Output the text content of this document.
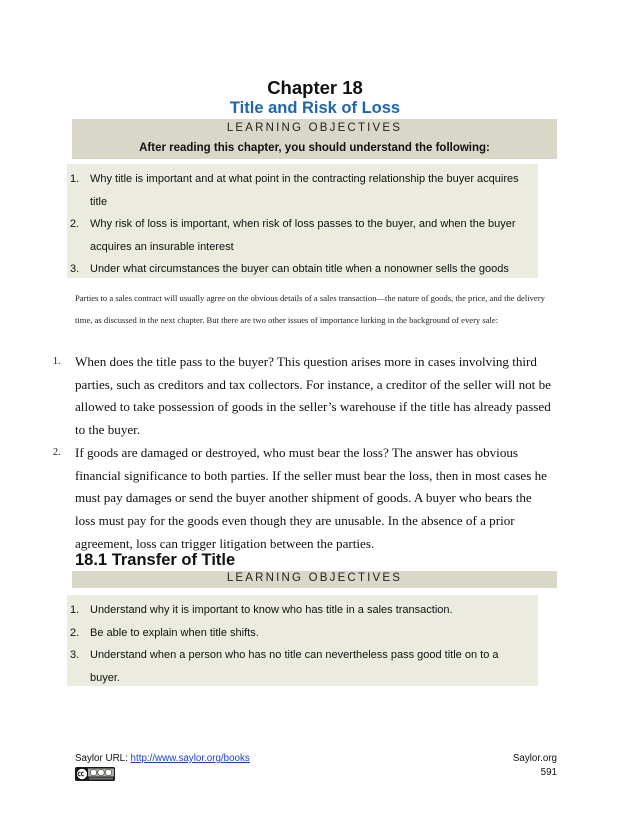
Chapter 18
Title and Risk of Loss
LEARNING OBJECTIVES
After reading this chapter, you should understand the following:
1. Why title is important and at what point in the contracting relationship the buyer acquires title
2. Why risk of loss is important, when risk of loss passes to the buyer, and when the buyer acquires an insurable interest
3. Under what circumstances the buyer can obtain title when a nonowner sells the goods

Parties to a sales contract will usually agree on the obvious details of a sales transaction—the nature of goods, the price, and the delivery time, as discussed in the next chapter. But there are two other issues of importance lurking in the background of every sale:

1. When does the title pass to the buyer? This question arises more in cases involving third parties, such as creditors and tax collectors. For instance, a creditor of the seller will not be allowed to take possession of goods in the seller’s warehouse if the title has already passed to the buyer.
2. If goods are damaged or destroyed, who must bear the loss? The answer has obvious financial significance to both parties. If the seller must bear the loss, then in most cases he must pay damages or send the buyer another shipment of goods. A buyer who bears the loss must pay for the goods even though they are unusable. In the absence of a prior agreement, loss can trigger litigation between the parties.
18.1 Transfer of Title
LEARNING OBJECTIVES
1. Understand why it is important to know who has title in a sales transaction.
2. Be able to explain when title shifts.
3. Understand when a person who has no title can nevertheless pass good title on to a buyer.
Saylor URL: http://www.saylor.org/books	Saylor.org
591
